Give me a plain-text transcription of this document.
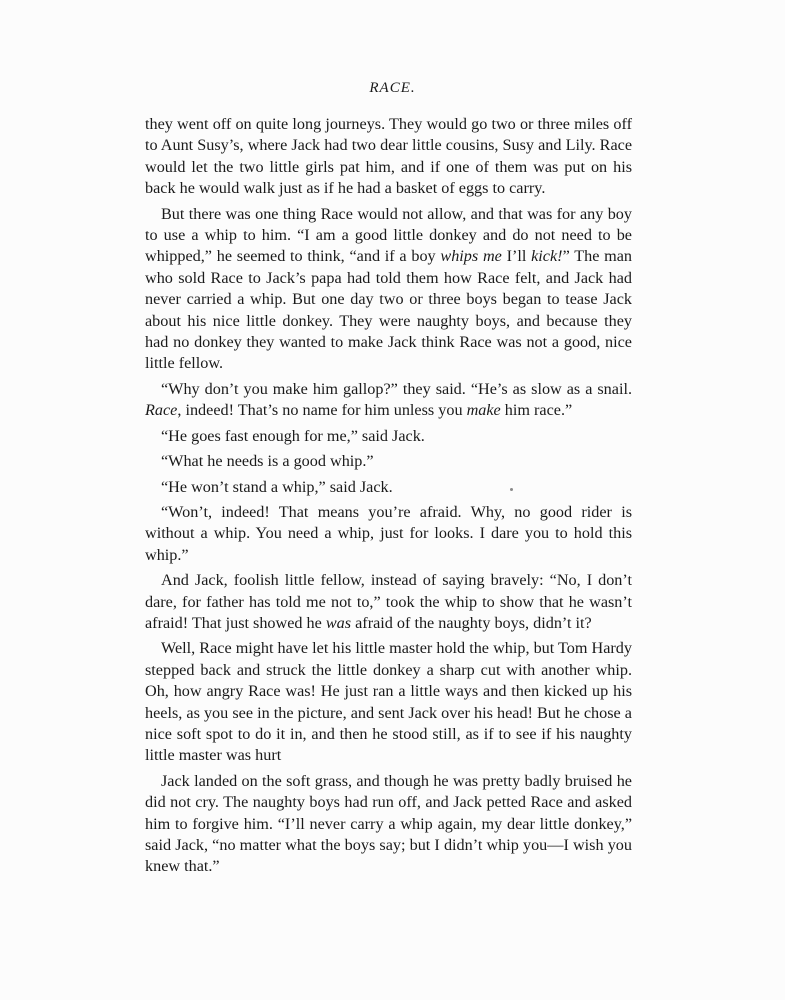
RACE.

they went off on quite long journeys. They would go two or three miles off to Aunt Susy’s, where Jack had two dear little cousins, Susy and Lily. Race would let the two little girls pat him, and if one of them was put on his back he would walk just as if he had a basket of eggs to carry.

But there was one thing Race would not allow, and that was for any boy to use a whip to him. “I am a good little donkey and do not need to be whipped,” he seemed to think, “and if a boy whips me I’ll kick!” The man who sold Race to Jack’s papa had told them how Race felt, and Jack had never carried a whip. But one day two or three boys began to tease Jack about his nice little donkey. They were naughty boys, and because they had no donkey they wanted to make Jack think Race was not a good, nice little fellow.

“Why don’t you make him gallop?” they said. “He’s as slow as a snail. Race, indeed! That’s no name for him unless you make him race.”

“He goes fast enough for me,” said Jack.

“What he needs is a good whip.”

“He won’t stand a whip,” said Jack.

“Won’t, indeed! That means you’re afraid. Why, no good rider is without a whip. You need a whip, just for looks. I dare you to hold this whip.”

And Jack, foolish little fellow, instead of saying bravely: “No, I don’t dare, for father has told me not to,” took the whip to show that he wasn’t afraid! That just showed he was afraid of the naughty boys, didn’t it?

Well, Race might have let his little master hold the whip, but Tom Hardy stepped back and struck the little donkey a sharp cut with another whip. Oh, how angry Race was! He just ran a little ways and then kicked up his heels, as you see in the picture, and sent Jack over his head! But he chose a nice soft spot to do it in, and then he stood still, as if to see if his naughty little master was hurt

Jack landed on the soft grass, and though he was pretty badly bruised he did not cry. The naughty boys had run off, and Jack petted Race and asked him to forgive him. “I’ll never carry a whip again, my dear little donkey,” said Jack, “no matter what the boys say; but I didn’t whip you—I wish you knew that.”
